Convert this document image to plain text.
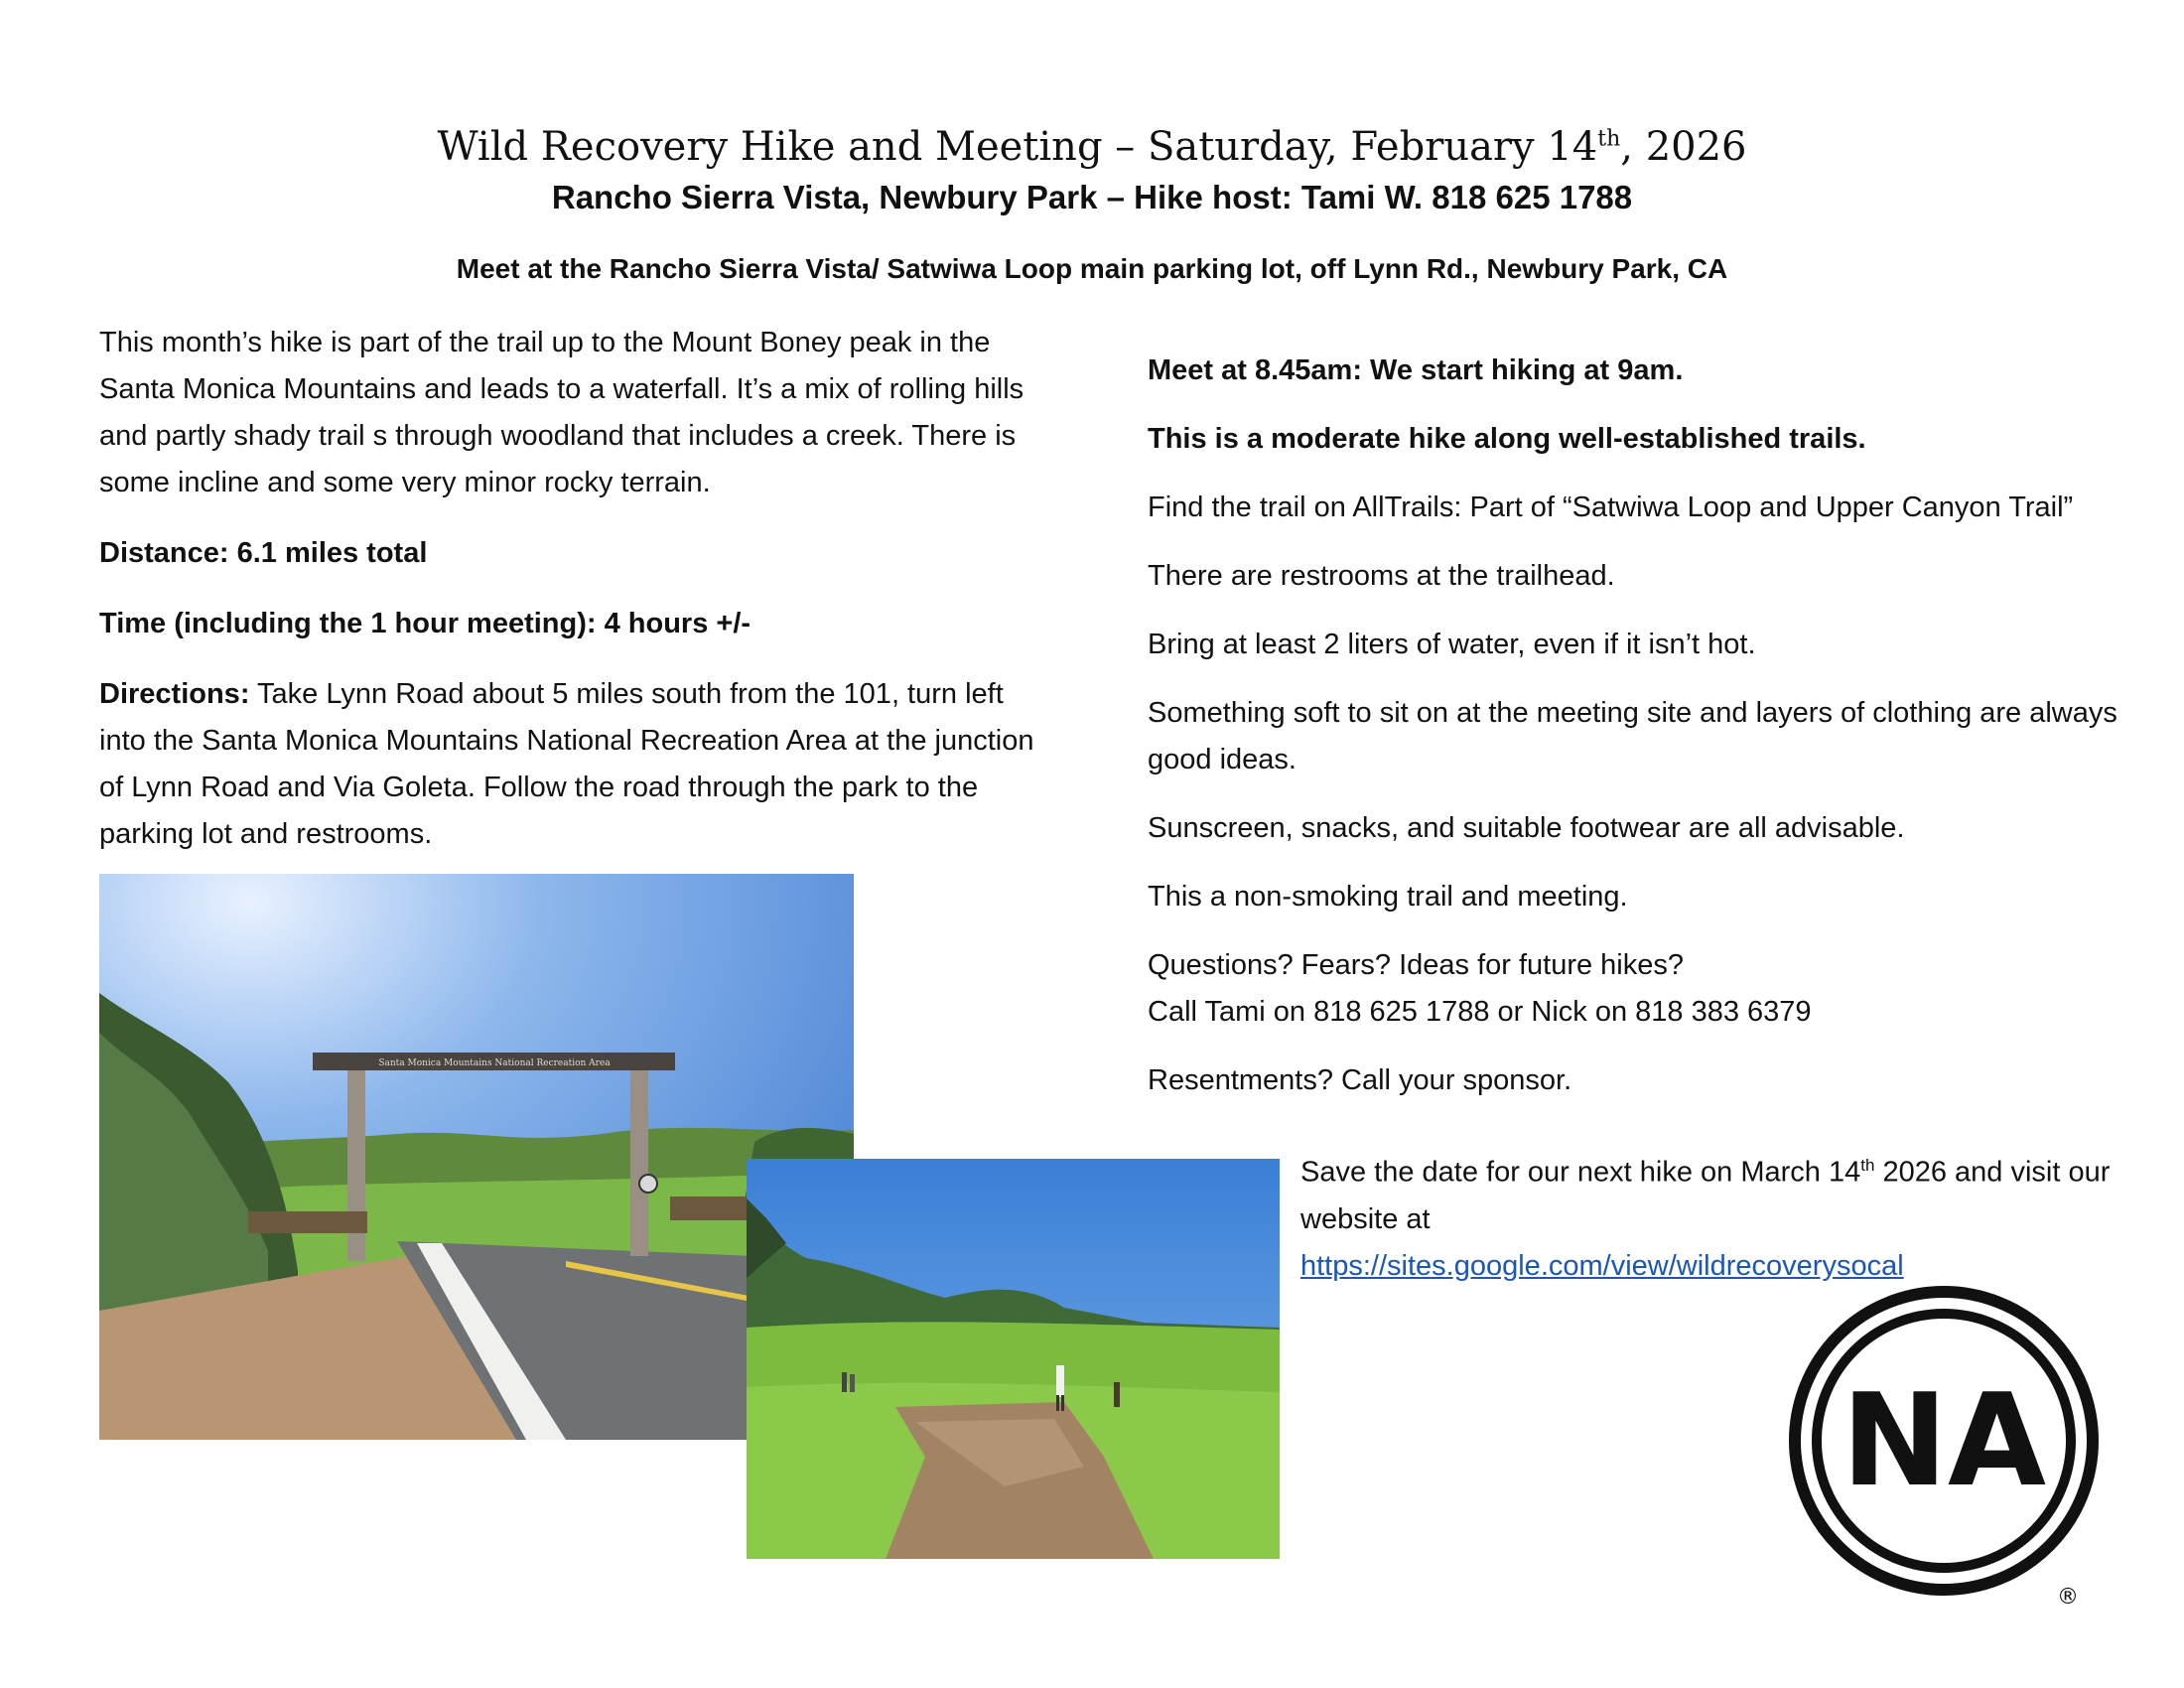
Wild Recovery Hike and Meeting – Saturday, February 14th, 2026
Rancho Sierra Vista, Newbury Park – Hike host: Tami W. 818 625 1788
Meet at the Rancho Sierra Vista/ Satwiwa Loop main parking lot, off Lynn Rd., Newbury Park, CA

This month’s hike is part of the trail up to the Mount Boney peak in the Santa Monica Mountains and leads to a waterfall. It’s a mix of rolling hills and partly shady trail s through woodland that includes a creek. There is some incline and some very minor rocky terrain.

Distance: 6.1 miles total

Time (including the 1 hour meeting): 4 hours +/-

Directions: Take Lynn Road about 5 miles south from the 101, turn left into the Santa Monica Mountains National Recreation Area at the junction of Lynn Road and Via Goleta. Follow the road through the park to the parking lot and restrooms.

Meet at 8.45am: We start hiking at 9am.

This is a moderate hike along well-established trails.

Find the trail on AllTrails: Part of “Satwiwa Loop and Upper Canyon Trail”

There are restrooms at the trailhead.

Bring at least 2 liters of water, even if it isn’t hot.

Something soft to sit on at the meeting site and layers of clothing are always good ideas.

Sunscreen, snacks, and suitable footwear are all advisable.

This a non-smoking trail and meeting.

Questions? Fears? Ideas for future hikes?

Call Tami on 818 625 1788 or Nick on 818 383 6379

Resentments? Call your sponsor.

Santa Monica Mountains National Recreation Area
Save the date for our next hike on March 14th 2026 and visit our website at
https://sites.google.com/view/wildrecoverysocal
NA
®
